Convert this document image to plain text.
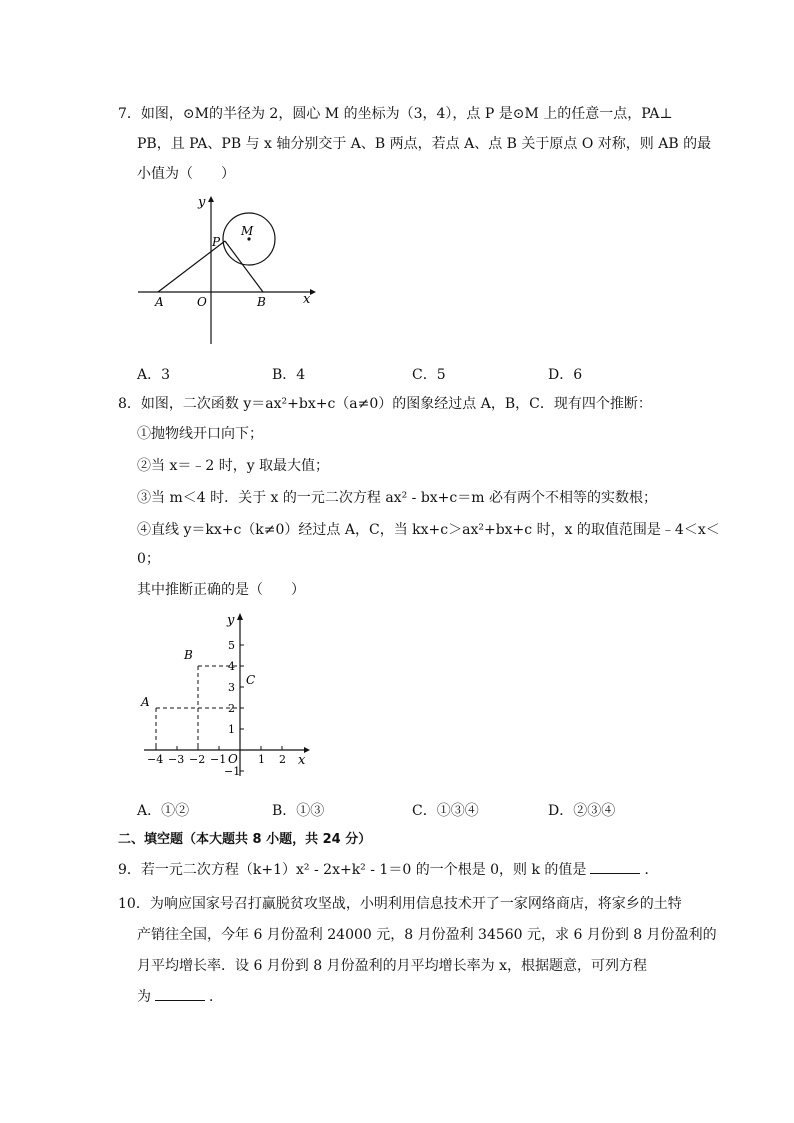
7．如图，⊙M的半径为 2，圆心 M 的坐标为（3，4），点 P 是⊙M 上的任意一点，PA⊥
PB，且 PA、PB 与 x 轴分别交于 A、B 两点，若点 A、点 B 关于原点 O 对称，则 AB 的最
小值为（　　）
y
x
M
P
A	O	B
A．3	B．4	C．5	D．6
8．如图，二次函数 y＝ax²+bx+c（a≠0）的图象经过点 A，B，C．现有四个推断：
①抛物线开口向下；
②当 x＝﹣2 时，y 取最大值；
③当 m＜4 时．关于 x 的一元二次方程 ax² - bx+c＝m 必有两个不相等的实数根；
④直线 y＝kx+c（k≠0）经过点 A，C，当 kx+c＞ax²+bx+c 时，x 的取值范围是﹣4＜x＜
0；
其中推断正确的是（　　）
y
x
A
B
C
O
5
4
3
2
1
−1
−4 −3 −2 −1	1 2
A．①②	B．①③	C．①③④	D．②③④
二、填空题（本大题共 8 小题，共 24 分）
9．若一元二次方程（k+1）x² - 2x+k² - 1＝0 的一个根是 0，则 k 的值是	．
10．为响应国家号召打赢脱贫攻坚战，小明利用信息技术开了一家网络商店，将家乡的土特
产销往全国，今年 6 月份盈利 24000 元，8 月份盈利 34560 元，求 6 月份到 8 月份盈利的
月平均增长率．设 6 月份到 8 月份盈利的月平均增长率为 x，根据题意，可列方程
为	．
